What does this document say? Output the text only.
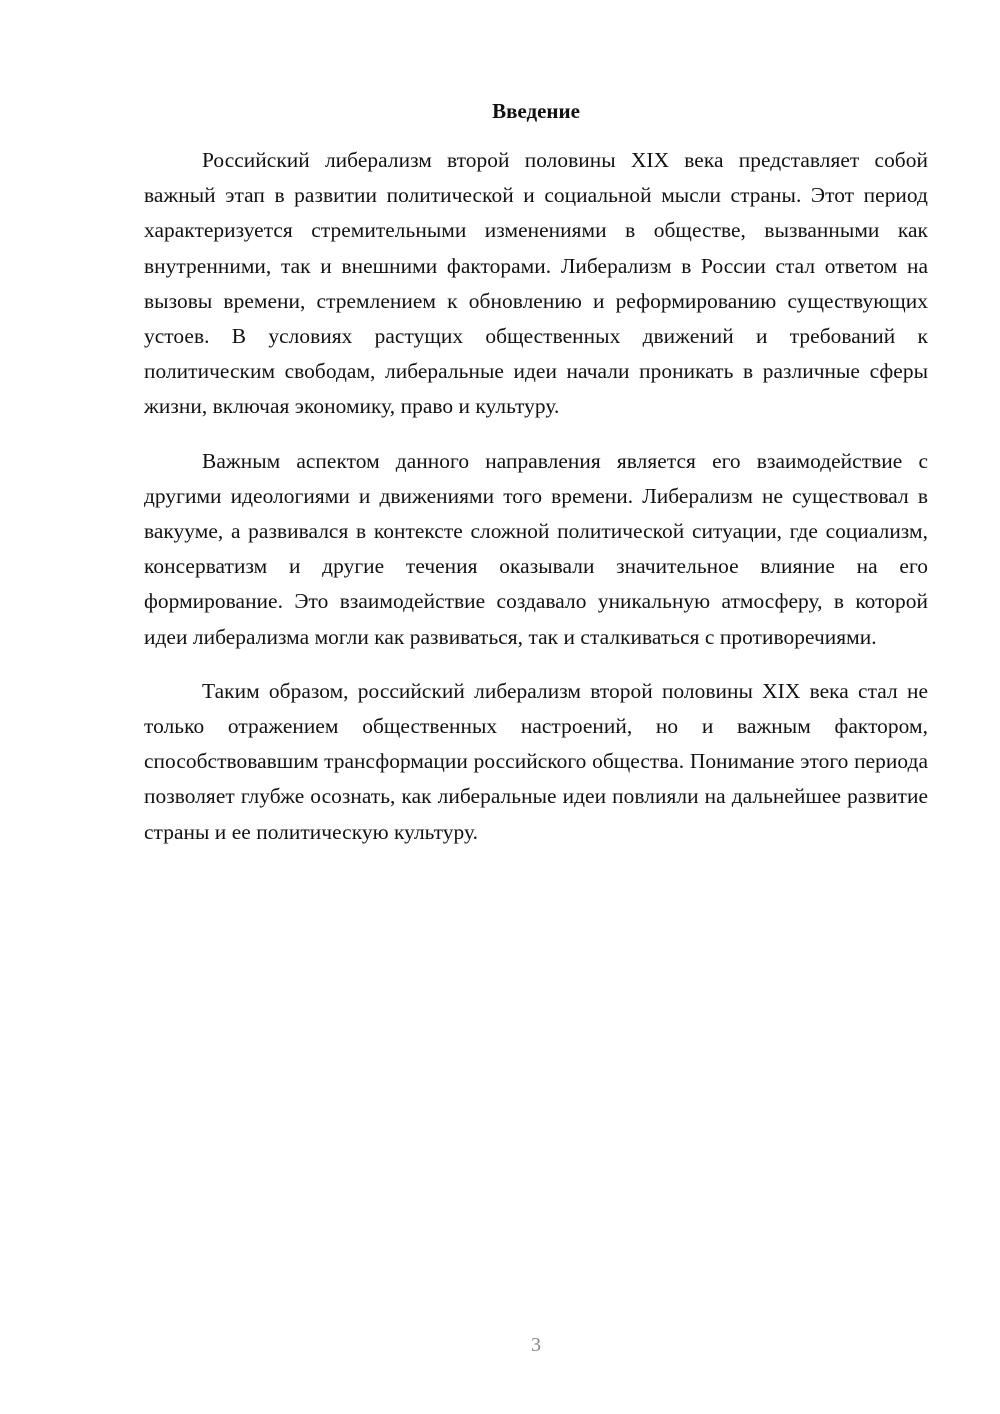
Введение

Российский либерализм второй половины XIX века представляет собой важный этап в развитии политической и социальной мысли страны. Этот период характеризуется стремительными изменениями в обществе, вызванными как внутренними, так и внешними факторами. Либерализм в России стал ответом на вызовы времени, стремлением к обновлению и реформированию существующих устоев. В условиях растущих общественных движений и требований к политическим свободам, либеральные идеи начали проникать в различные сферы жизни, включая экономику, право и культуру.

Важным аспектом данного направления является его взаимодействие с другими идеологиями и движениями того времени. Либерализм не существовал в вакууме, а развивался в контексте сложной политической ситуации, где социализм, консерватизм и другие течения оказывали значительное влияние на его формирование. Это взаимодействие создавало уникальную атмосферу, в которой идеи либерализма могли как развиваться, так и сталкиваться с противоречиями.

Таким образом, российский либерализм второй половины XIX века стал не только отражением общественных настроений, но и важным фактором, способствовавшим трансформации российского общества. Понимание этого периода позволяет глубже осознать, как либеральные идеи повлияли на дальнейшее развитие страны и ее политическую культуру.

3
